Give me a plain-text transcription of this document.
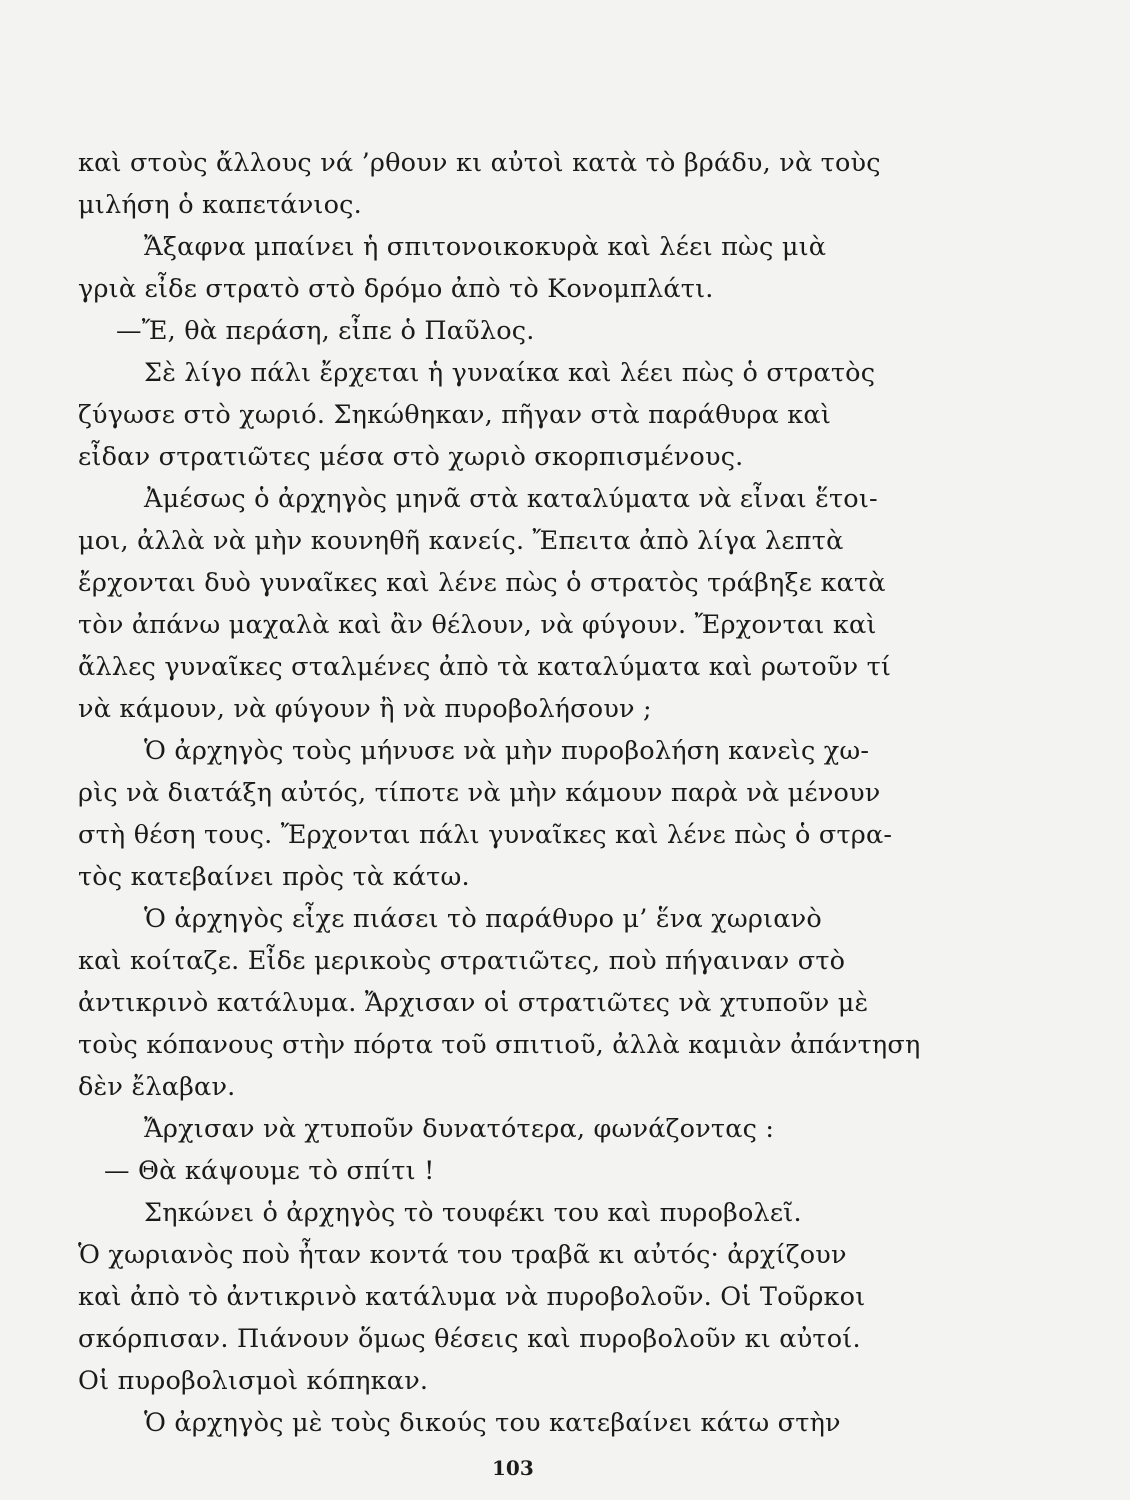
καὶ στοὺς ἄλλους νά ’ρθουν κι αὐτοὶ κατὰ τὸ βράδυ, νὰ τοὺς
μιλήση ὁ καπετάνιος.
Ἄξαφνα μπαίνει ἡ σπιτονοικοκυρὰ καὶ λέει πὼς μιὰ
γριὰ εἶδε στρατὸ στὸ δρόμο ἀπὸ τὸ Κονομπλάτι.
—Ἔ, θὰ περάση, εἶπε ὁ Παῦλος.
Σὲ λίγο πάλι ἔρχεται ἡ γυναίκα καὶ λέει πὼς ὁ στρατὸς
ζύγωσε στὸ χωριό. Σηκώθηκαν, πῆγαν στὰ παράθυρα καὶ
εἶδαν στρατιῶτες μέσα στὸ χωριὸ σκορπισμένους.
Ἀμέσως ὁ ἀρχηγὸς μηνᾶ στὰ καταλύματα νὰ εἶναι ἕτοι-
μοι, ἀλλὰ νὰ μὴν κουνηθῆ κανείς. Ἔπειτα ἀπὸ λίγα λεπτὰ
ἔρχονται δυὸ γυναῖκες καὶ λένε πὼς ὁ στρατὸς τράβηξε κατὰ
τὸν ἀπάνω μαχαλὰ καὶ ἂν θέλουν, νὰ φύγουν. Ἔρχονται καὶ
ἄλλες γυναῖκες σταλμένες ἀπὸ τὰ καταλύματα καὶ ρωτοῦν τί
νὰ κάμουν, νὰ φύγουν ἢ νὰ πυροβολήσουν ;
Ὁ ἀρχηγὸς τοὺς μήνυσε νὰ μὴν πυροβολήση κανεὶς χω-
ρὶς νὰ διατάξη αὐτός, τίποτε νὰ μὴν κάμουν παρὰ νὰ μένουν
στὴ θέση τους. Ἔρχονται πάλι γυναῖκες καὶ λένε πὼς ὁ στρα-
τὸς κατεβαίνει πρὸς τὰ κάτω.
Ὁ ἀρχηγὸς εἶχε πιάσει τὸ παράθυρο μ’ ἕνα χωριανὸ
καὶ κοίταζε. Εἶδε μερικοὺς στρατιῶτες, ποὺ πήγαιναν στὸ
ἀντικρινὸ κατάλυμα. Ἄρχισαν οἱ στρατιῶτες νὰ χτυποῦν μὲ
τοὺς κόπανους στὴν πόρτα τοῦ σπιτιοῦ, ἀλλὰ καμιὰν ἀπάντηση
δὲν ἔλαβαν.
Ἄρχισαν νὰ χτυποῦν δυνατότερα, φωνάζοντας :
— Θὰ κάψουμε τὸ σπίτι !
Σηκώνει ὁ ἀρχηγὸς τὸ τουφέκι του καὶ πυροβολεῖ.
Ὁ χωριανὸς ποὺ ἦταν κοντά του τραβᾶ κι αὐτός· ἀρχίζουν
καὶ ἀπὸ τὸ ἀντικρινὸ κατάλυμα νὰ πυροβολοῦν. Οἱ Τοῦρκοι
σκόρπισαν. Πιάνουν ὅμως θέσεις καὶ πυροβολοῦν κι αὐτοί.
Οἱ πυροβολισμοὶ κόπηκαν.
Ὁ ἀρχηγὸς μὲ τοὺς δικούς του κατεβαίνει κάτω στὴν
103
